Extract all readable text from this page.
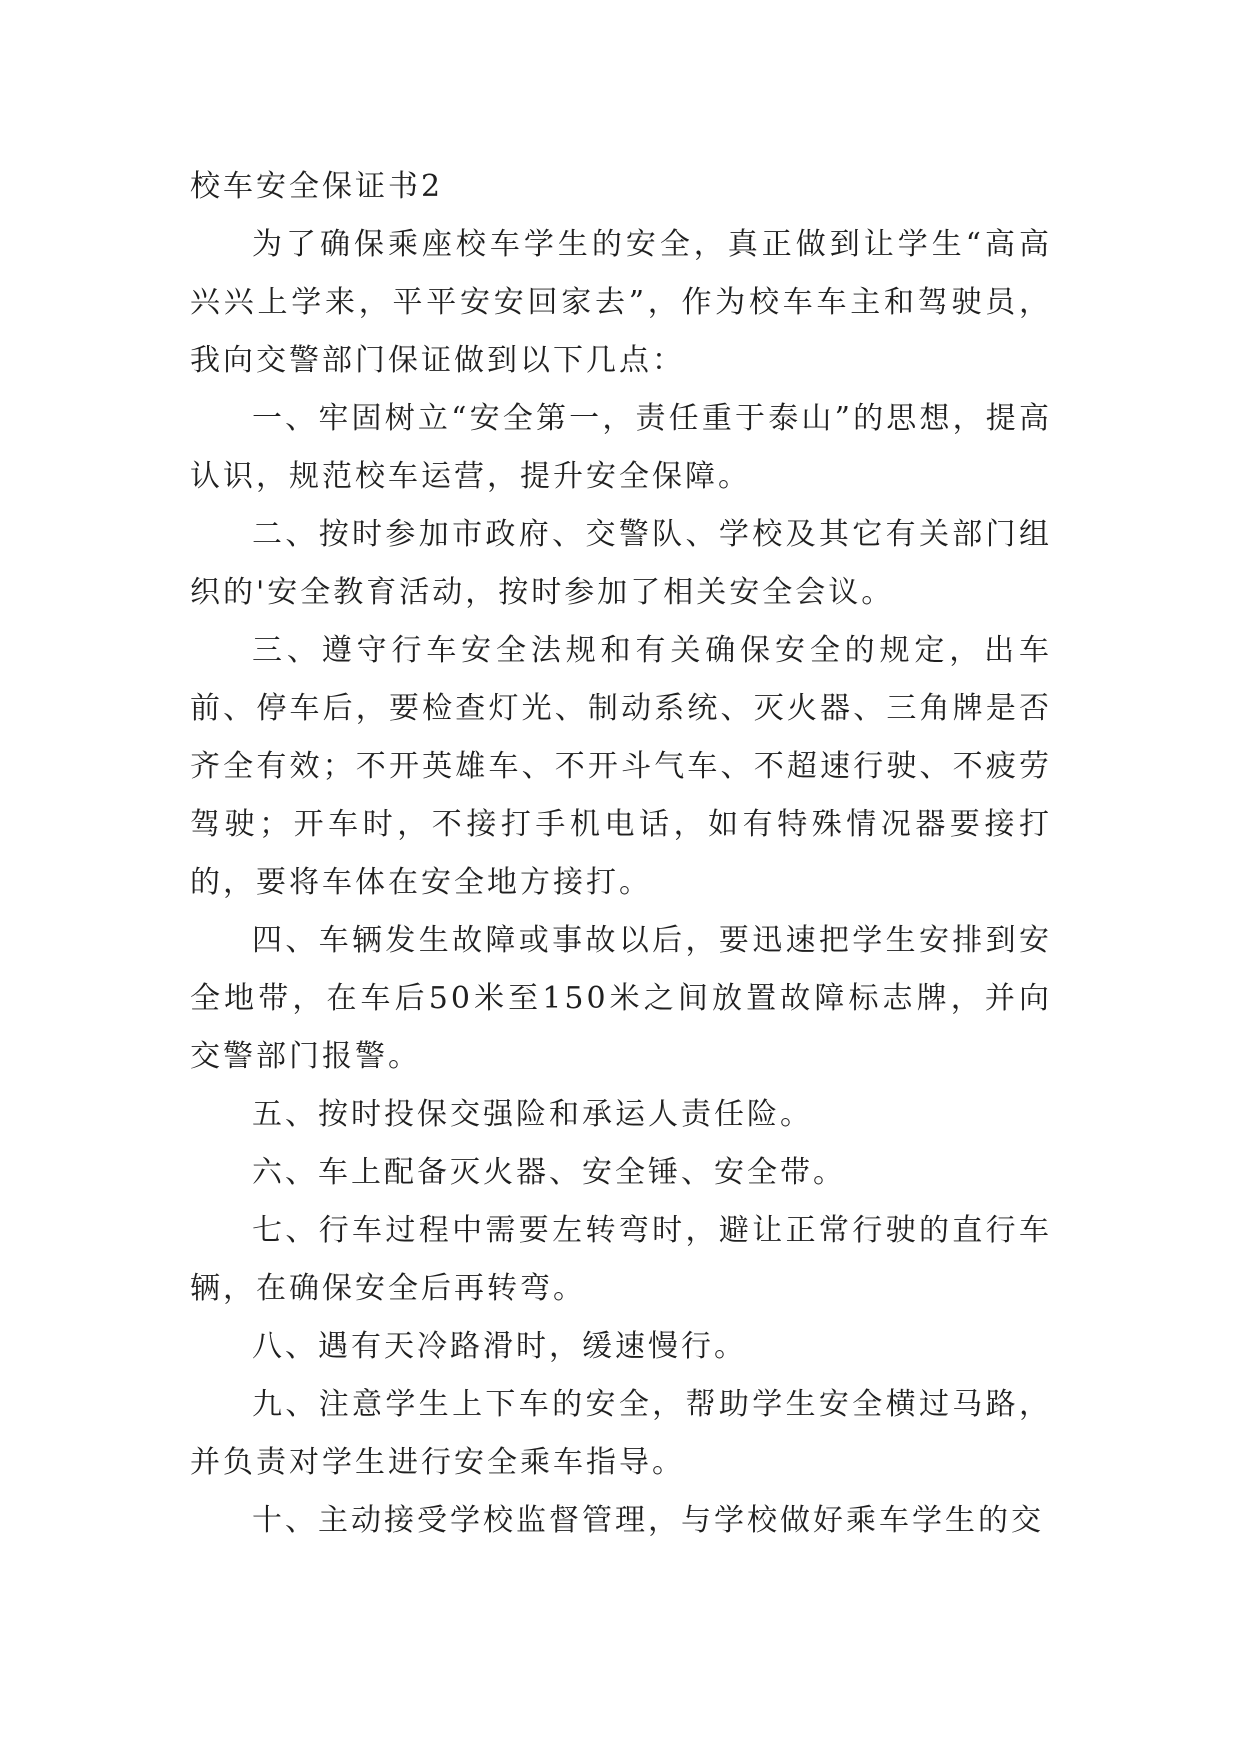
校车安全保证书2

为了确保乘座校车学生的安全，真正做到让学生“高高兴兴上学来，平平安安回家去”，作为校车车主和驾驶员，我向交警部门保证做到以下几点：

一、牢固树立“安全第一，责任重于泰山”的思想，提高认识，规范校车运营，提升安全保障。

二、按时参加市政府、交警队、学校及其它有关部门组织的'安全教育活动，按时参加了相关安全会议。

三、遵守行车安全法规和有关确保安全的规定，出车前、停车后，要检查灯光、制动系统、灭火器、三角牌是否齐全有效；不开英雄车、不开斗气车、不超速行驶、不疲劳驾驶；开车时，不接打手机电话，如有特殊情况器要接打的，要将车体在安全地方接打。

四、车辆发生故障或事故以后，要迅速把学生安排到安全地带，在车后50米至150米之间放置故障标志牌，并向交警部门报警。

五、按时投保交强险和承运人责任险。

六、车上配备灭火器、安全锤、安全带。

七、行车过程中需要左转弯时，避让正常行驶的直行车辆，在确保安全后再转弯。

八、遇有天冷路滑时，缓速慢行。

九、注意学生上下车的安全，帮助学生安全横过马路，并负责对学生进行安全乘车指导。

十、主动接受学校监督管理，与学校做好乘车学生的交
